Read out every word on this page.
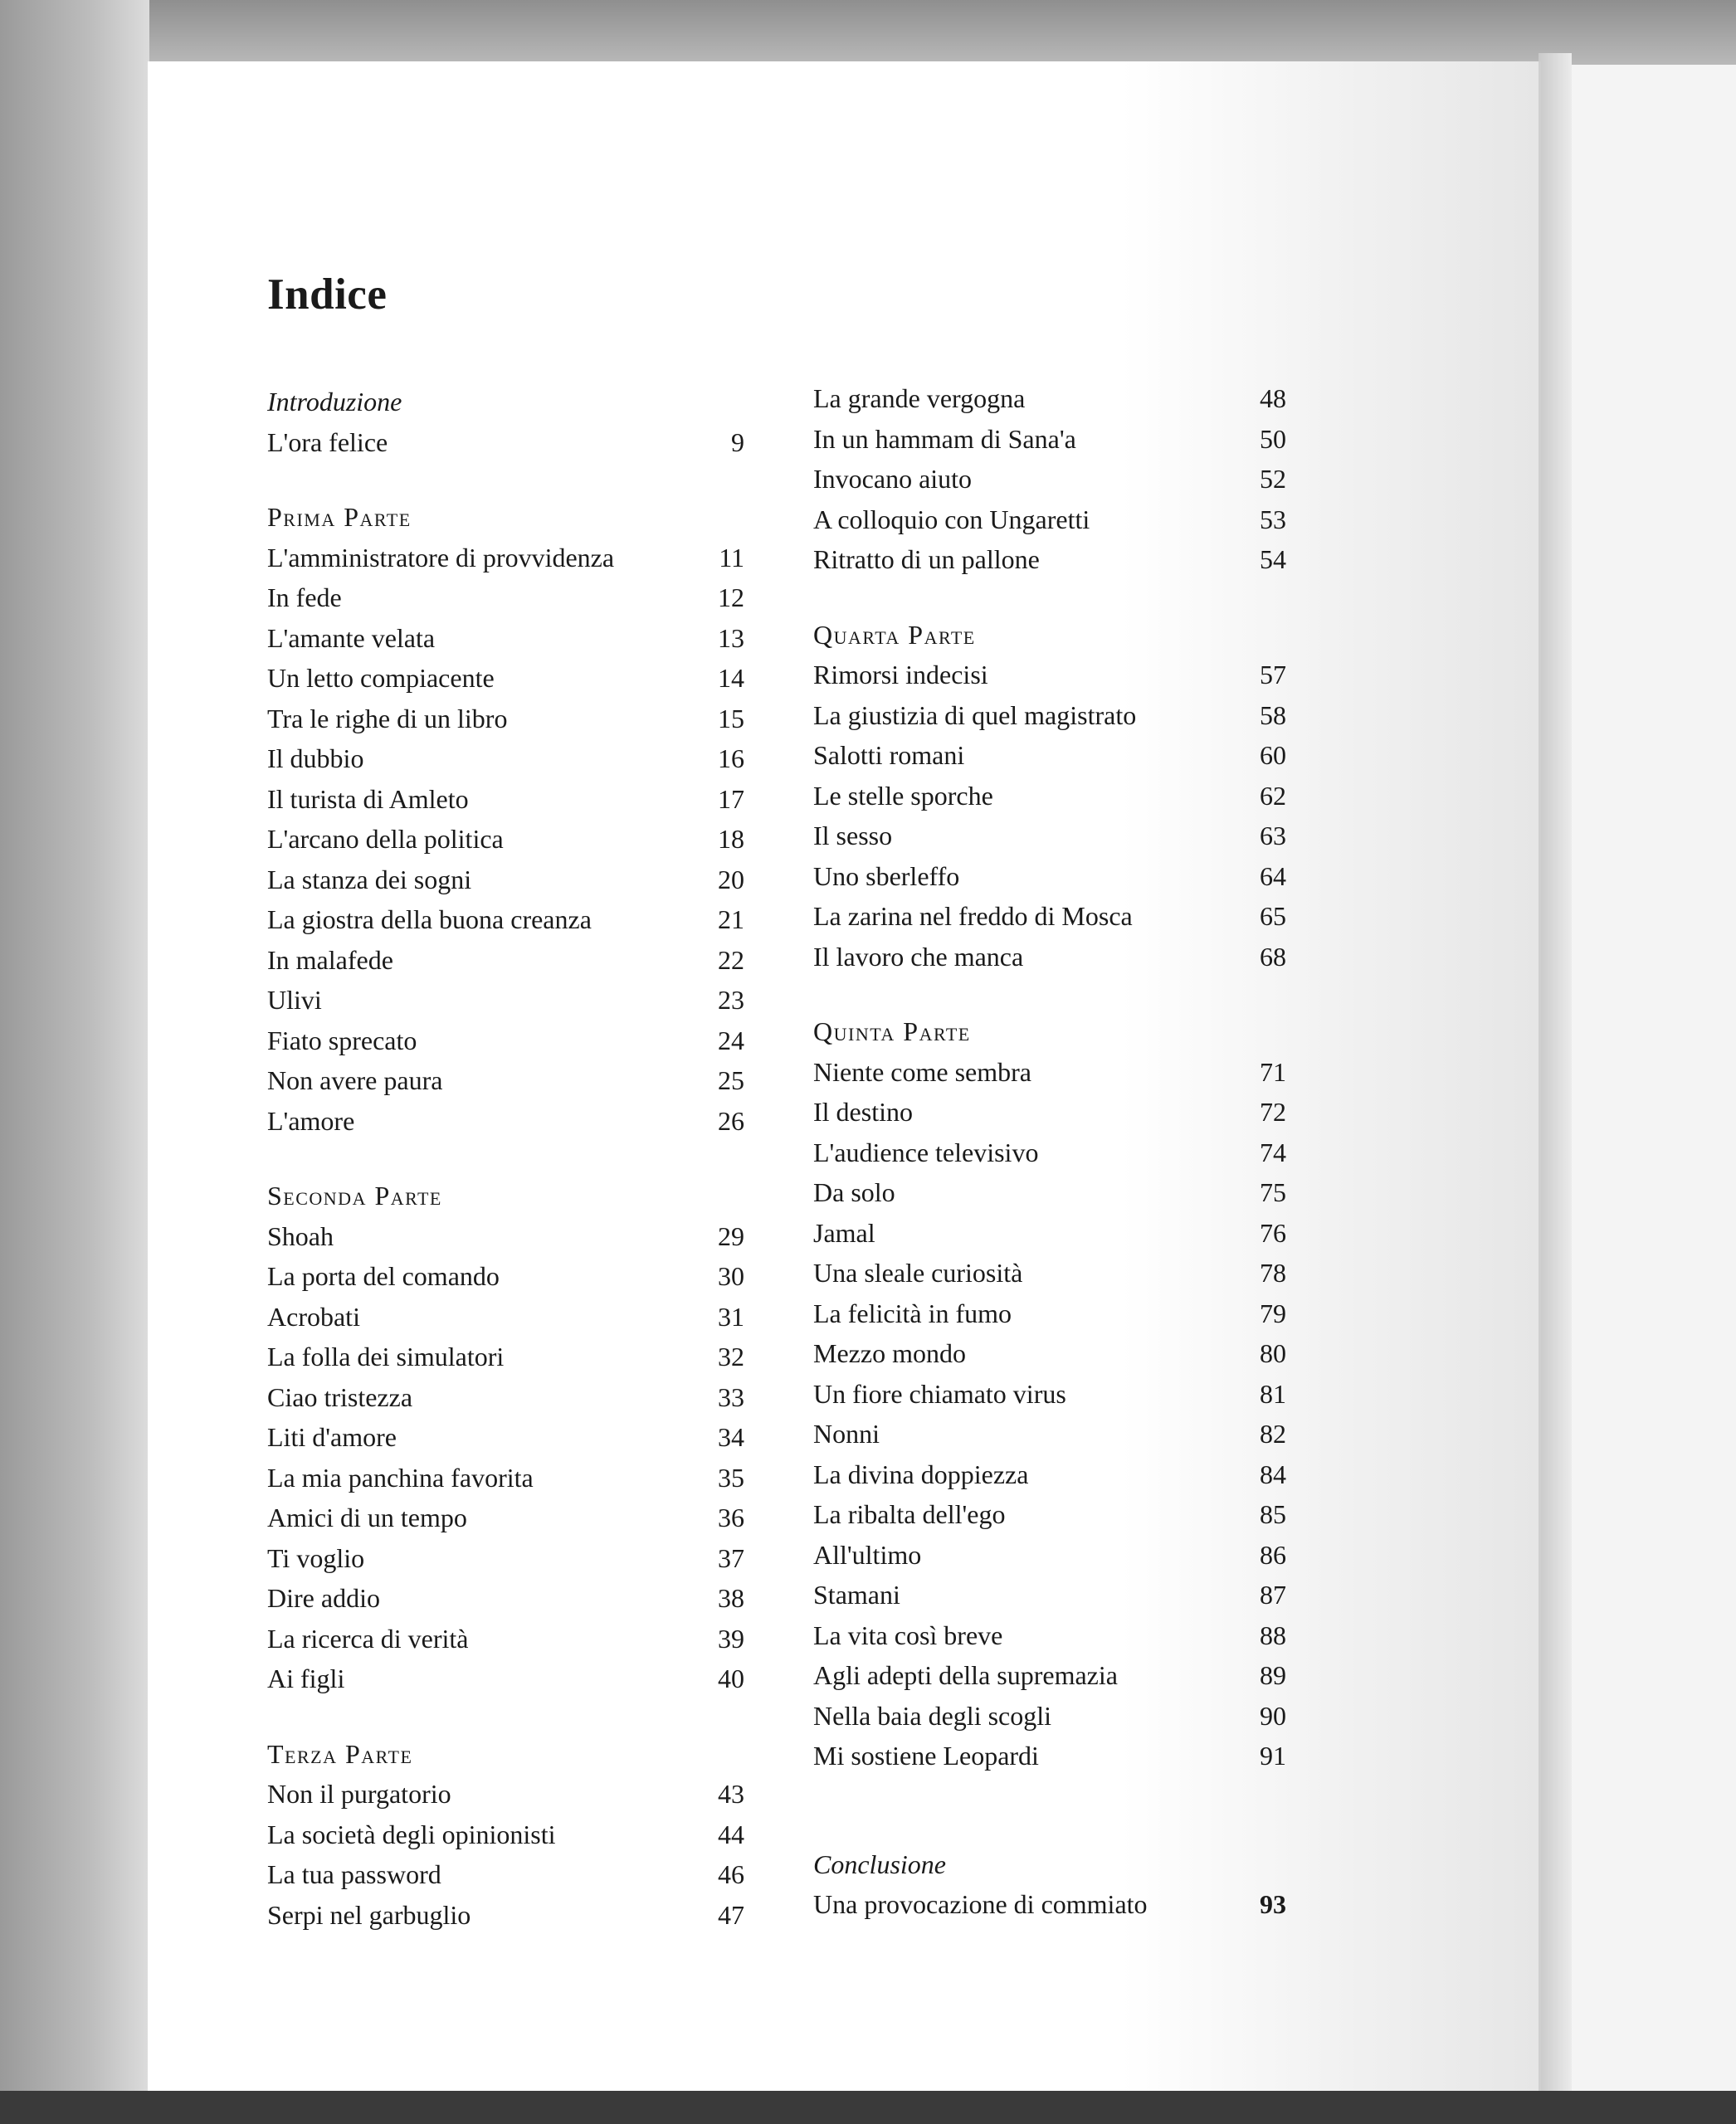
Indice
Introduzione
L'ora felice	9
Prima Parte
L'amministratore di provvidenza	11
In fede	12
L'amante velata	13
Un letto compiacente	14
Tra le righe di un libro	15
Il dubbio	16
Il turista di Amleto	17
L'arcano della politica	18
La stanza dei sogni	20
La giostra della buona creanza	21
In malafede	22
Ulivi	23
Fiato sprecato	24
Non avere paura	25
L'amore	26
Seconda Parte
Shoah	29
La porta del comando	30
Acrobati	31
La folla dei simulatori	32
Ciao tristezza	33
Liti d'amore	34
La mia panchina favorita	35
Amici di un tempo	36
Ti voglio	37
Dire addio	38
La ricerca di verità	39
Ai figli	40
Terza Parte
Non il purgatorio	43
La società degli opinionisti	44
La tua password	46
Serpi nel garbuglio	47
La grande vergogna	48
In un hammam di Sana'a	50
Invocano aiuto	52
A colloquio con Ungaretti	53
Ritratto di un pallone	54
Quarta Parte
Rimorsi indecisi	57
La giustizia di quel magistrato	58
Salotti romani	60
Le stelle sporche	62
Il sesso	63
Uno sberleffo	64
La zarina nel freddo di Mosca	65
Il lavoro che manca	68
Quinta Parte
Niente come sembra	71
Il destino	72
L'audience televisivo	74
Da solo	75
Jamal	76
Una sleale curiosità	78
La felicità in fumo	79
Mezzo mondo	80
Un fiore chiamato virus	81
Nonni	82
La divina doppiezza	84
La ribalta dell'ego	85
All'ultimo	86
Stamani	87
La vita così breve	88
Agli adepti della supremazia	89
Nella baia degli scogli	90
Mi sostiene Leopardi	91
Conclusione
Una provocazione di commiato	93
